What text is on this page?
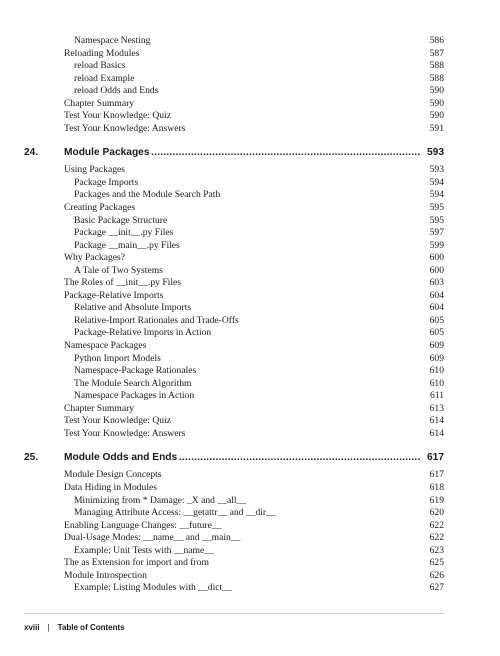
Namespace Nesting	586
Reloading Modules	587
reload Basics	588
reload Example	588
reload Odds and Ends	590
Chapter Summary	590
Test Your Knowledge: Quiz	590
Test Your Knowledge: Answers	591
24.	Module Packages . . .	593
Using Packages	593
Package Imports	594
Packages and the Module Search Path	594
Creating Packages	595
Basic Package Structure	595
Package __init__.py Files	597
Package __main__.py Files	599
Why Packages?	600
A Tale of Two Systems	600
The Roles of __init__.py Files	603
Package-Relative Imports	604
Relative and Absolute Imports	604
Relative-Import Rationales and Trade-Offs	605
Package-Relative Imports in Action	605
Namespace Packages	609
Python Import Models	609
Namespace-Package Rationales	610
The Module Search Algorithm	610
Namespace Packages in Action	611
Chapter Summary	613
Test Your Knowledge: Quiz	614
Test Your Knowledge: Answers	614
25.	Module Odds and Ends . . .	617
Module Design Concepts	617
Data Hiding in Modules	618
Minimizing from * Damage: _X and __all__	619
Managing Attribute Access: __getattr__ and __dir__	620
Enabling Language Changes: __future__	622
Dual-Usage Modes: __name__ and __main__	622
Example: Unit Tests with __name__	623
The as Extension for import and from	625
Module Introspection	626
Example: Listing Modules with __dict__	627
xviii | Table of Contents
